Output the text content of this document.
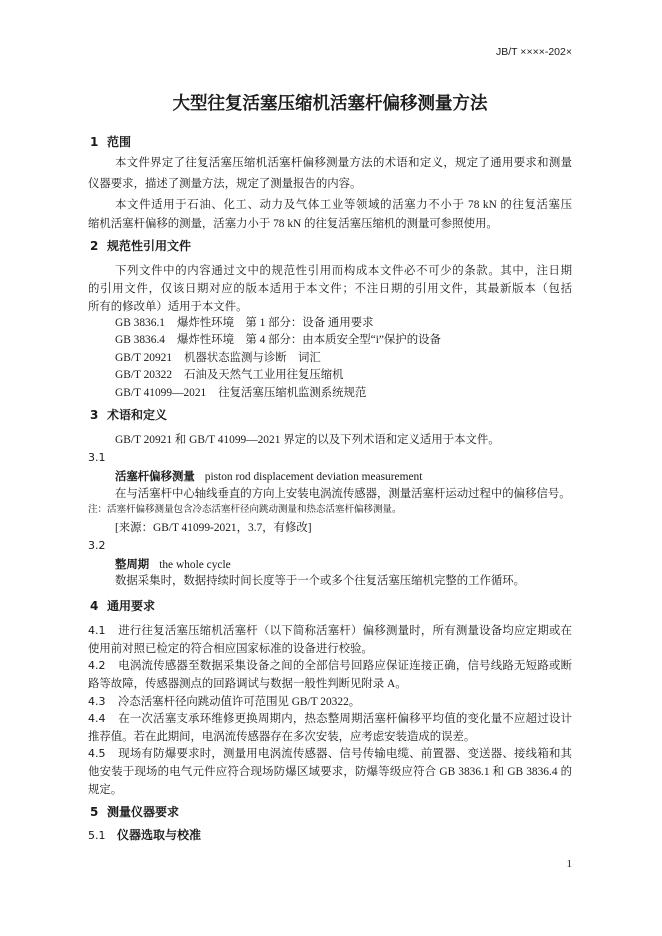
JB/T ××××-202×
大型往复活塞压缩机活塞杆偏移测量方法
1 范围
本文件界定了往复活塞压缩机活塞杆偏移测量方法的术语和定义，规定了通用要求和测量
仪器要求，描述了测量方法，规定了测量报告的内容。
本文件适用于石油、化工、动力及气体工业等领域的活塞力不小于 78 kN 的往复活塞压
缩机活塞杆偏移的测量，活塞力小于 78 kN 的往复活塞压缩机的测量可参照使用。
2 规范性引用文件
下列文件中的内容通过文中的规范性引用而构成本文件必不可少的条款。其中，注日期
的引用文件，仅该日期对应的版本适用于本文件；不注日期的引用文件，其最新版本（包括
所有的修改单）适用于本文件。
GB 3836.1 爆炸性环境　第 1 部分：设备 通用要求
GB 3836.4 爆炸性环境　第 4 部分：由本质安全型“i”保护的设备
GB/T 20921 机器状态监测与诊断　词汇
GB/T 20322 石油及天然气工业用往复压缩机
GB/T 41099—2021 往复活塞压缩机监测系统规范
3 术语和定义
GB/T 20921 和 GB/T 41099—2021 界定的以及下列术语和定义适用于本文件。
3.1
活塞杆偏移测量 piston rod displacement deviation measurement
在与活塞杆中心轴线垂直的方向上安装电涡流传感器，测量活塞杆运动过程中的偏移信号。
注：活塞杆偏移测量包含冷态活塞杆径向跳动测量和热态活塞杆偏移测量。
[来源：GB/T 41099-2021，3.7，有修改]
3.2
整周期 the whole cycle
数据采集时，数据持续时间长度等于一个或多个往复活塞压缩机完整的工作循环。
4 通用要求
4.1 进行往复活塞压缩机活塞杆（以下简称活塞杆）偏移测量时，所有测量设备均应定期或在
使用前对照已检定的符合相应国家标准的设备进行校验。
4.2 电涡流传感器至数据采集设备之间的全部信号回路应保证连接正确，信号线路无短路或断
路等故障，传感器测点的回路调试与数据一般性判断见附录 A。
4.3 冷态活塞杆径向跳动值许可范围见 GB/T 20322。
4.4 在一次活塞支承环维修更换周期内，热态整周期活塞杆偏移平均值的变化量不应超过设计
推荐值。若在此期间，电涡流传感器存在多次安装，应考虑安装造成的误差。
4.5 现场有防爆要求时，测量用电涡流传感器、信号传输电缆、前置器、变送器、接线箱和其
他安装于现场的电气元件应符合现场防爆区域要求，防爆等级应符合 GB 3836.1 和 GB 3836.4 的
规定。
5 测量仪器要求
5.1 仪器选取与校准
1
